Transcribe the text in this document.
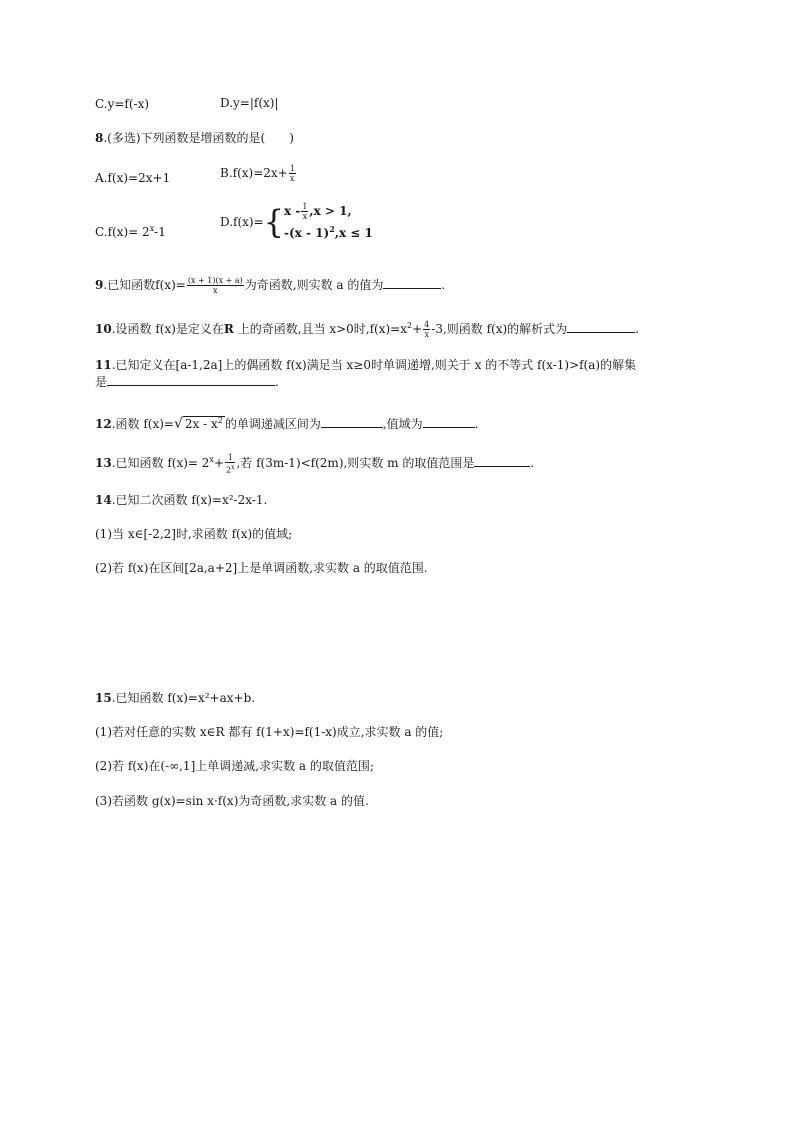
C.y=f(-x)	D.y=|f(x)|
8.(多选)下列函数是增函数的是(　　)
A.f(x)=2x+1	$B.f(x)=2x+ \frac{1}{x}$
$C.f(x)= 2^x-1$
D.f(x)={ $x - \frac{1}{x} ,x > 1$,
-(x - 1)$^2$,x ≤ 1
9.已知函数$f(x)= \frac{(x + 1)(x + a)}{x}$ 为奇函数,则实数 a 的值为	.
10.设函数 f(x)是定义在R 上的奇函数,且当 x>0时$,f(x)=x^2+ \frac{4}{x} -3$,则函数 f(x)的解析式为	.
11.已知定义在[a-1,2a]上的偶函数 f(x)满足当 x≥0时单调递增,则关于 x 的不等式 f(x-1)>f(a)的解集
是	.
12.函数 f(x)=√ $2x - x^2$ 的单调递减区间为	,值域为	.
13.已知函数 $f(x)= 2^x+ \frac{1}{2^x}$ ,若 f(3m-1)<f(2m),则实数 m 的取值范围是	.
14.已知二次函数 f(x)=x²-2x-1.
(1)当 x∈[-2,2]时,求函数 f(x)的值域;
(2)若 f(x)在区间[2a,a+2]上是单调函数,求实数 a 的取值范围.
15.已知函数 f(x)=x²+ax+b.
(1)若对任意的实数 x∈R 都有 f(1+x)=f(1-x)成立,求实数 a 的值;
(2)若 f(x)在(-∞,1]上单调递减,求实数 a 的取值范围;
(3)若函数 g(x)=sin x·f(x)为奇函数,求实数 a 的值.
